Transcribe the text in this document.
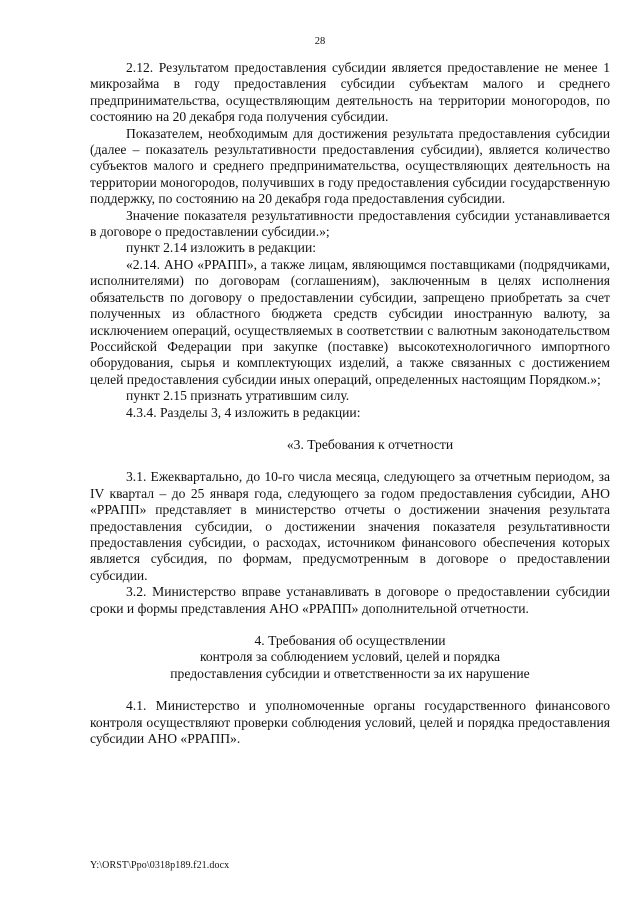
28

2.12. Результатом предоставления субсидии является предоставление не менее 1 микрозайма в году предоставления субсидии субъектам малого и среднего предпринимательства, осуществляющим деятельность на территории моногородов, по состоянию на 20 декабря года получения субсидии.

Показателем, необходимым для достижения результата предоставления субсидии (далее – показатель результативности предоставления субсидии), является количество субъектов малого и среднего предпринимательства, осуществляющих деятельность на территории моногородов, получивших в году предоставления субсидии государственную поддержку, по состоянию на 20 декабря года предоставления субсидии.

Значение показателя результативности предоставления субсидии устанавливается в договоре о предоставлении субсидии.»;

пункт 2.14 изложить в редакции:

«2.14. АНО «РРАПП», а также лицам, являющимся поставщиками (подрядчиками, исполнителями) по договорам (соглашениям), заключенным в целях исполнения обязательств по договору о предоставлении субсидии, запрещено приобретать за счет полученных из областного бюджета средств субсидии иностранную валюту, за исключением операций, осуществляемых в соответствии с валютным законодательством Российской Федерации при закупке (поставке) высокотехнологичного импортного оборудования, сырья и комплектующих изделий, а также связанных с достижением целей предоставления субсидии иных операций, определенных настоящим Порядком.»;

пункт 2.15 признать утратившим силу.

4.3.4. Разделы 3, 4 изложить в редакции:

«3. Требования к отчетности

3.1. Ежеквартально, до 10-го числа месяца, следующего за отчетным периодом, за IV квартал – до 25 января года, следующего за годом предоставления субсидии, АНО «РРАПП» представляет в министерство отчеты о достижении значения результата предоставления субсидии, о достижении значения показателя результативности предоставления субсидии, о расходах, источником финансового обеспечения которых является субсидия, по формам, предусмотренным в договоре о предоставлении субсидии.

3.2. Министерство вправе устанавливать в договоре о предоставлении субсидии сроки и формы представления АНО «РРАПП» дополнительной отчетности.

4. Требования об осуществлении
контроля за соблюдением условий, целей и порядка
предоставления субсидии и ответственности за их нарушение

4.1. Министерство и уполномоченные органы государственного финансового контроля осуществляют проверки соблюдения условий, целей и порядка предоставления субсидии АНО «РРАПП».

Y:\ORST\Ppo\0318p189.f21.docx
